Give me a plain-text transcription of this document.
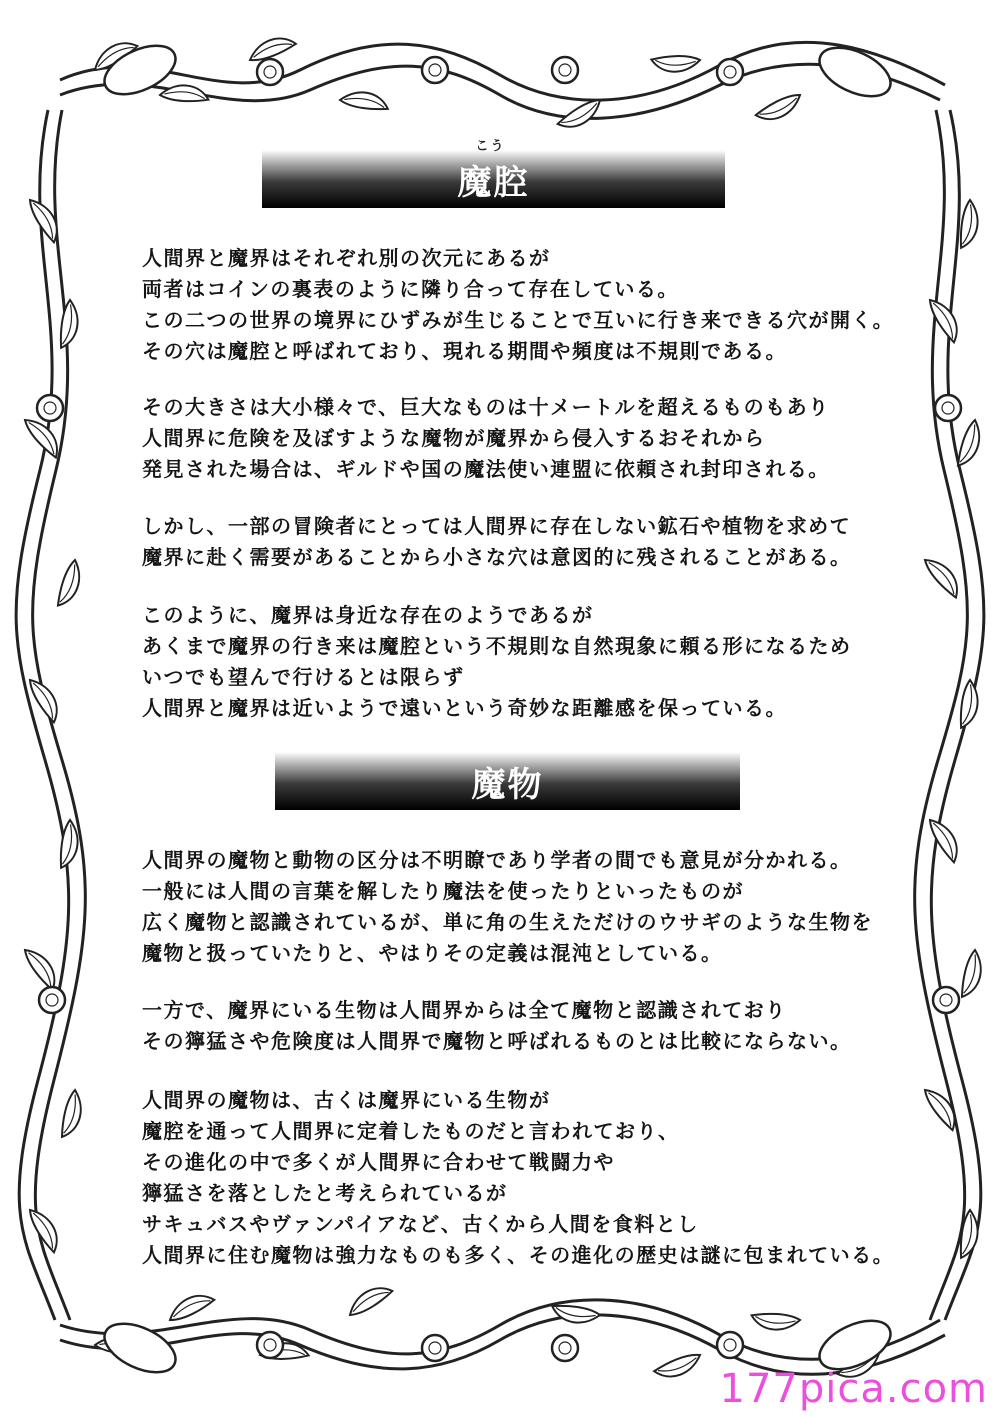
こう
魔腔
人間界と魔界はそれぞれ別の次元にあるが
両者はコインの裏表のように隣り合って存在している。
この二つの世界の境界にひずみが生じることで互いに行き来できる穴が開く。
その穴は魔腔と呼ばれており、現れる期間や頻度は不規則である。
その大きさは大小様々で、巨大なものは十メートルを超えるものもあり
人間界に危険を及ぼすような魔物が魔界から侵入するおそれから
発見された場合は、ギルドや国の魔法使い連盟に依頼され封印される。
しかし、一部の冒険者にとっては人間界に存在しない鉱石や植物を求めて
魔界に赴く需要があることから小さな穴は意図的に残されることがある。
このように、魔界は身近な存在のようであるが
あくまで魔界の行き来は魔腔という不規則な自然現象に頼る形になるため
いつでも望んで行けるとは限らず
人間界と魔界は近いようで遠いという奇妙な距離感を保っている。
魔物
人間界の魔物と動物の区分は不明瞭であり学者の間でも意見が分かれる。
一般には人間の言葉を解したり魔法を使ったりといったものが
広く魔物と認識されているが、単に角の生えただけのウサギのような生物を
魔物と扱っていたりと、やはりその定義は混沌としている。
一方で、魔界にいる生物は人間界からは全て魔物と認識されており
その獰猛さや危険度は人間界で魔物と呼ばれるものとは比較にならない。
人間界の魔物は、古くは魔界にいる生物が
魔腔を通って人間界に定着したものだと言われており、
その進化の中で多くが人間界に合わせて戦闘力や
獰猛さを落としたと考えられているが
サキュバスやヴァンパイアなど、古くから人間を食料とし
人間界に住む魔物は強力なものも多く、その進化の歴史は謎に包まれている。
177pica.com
